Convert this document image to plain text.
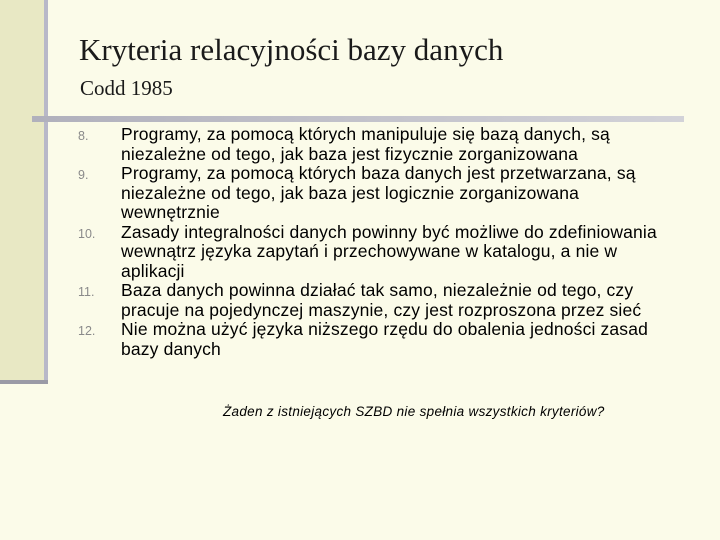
Kryteria relacyjności bazy danych
Codd 1985
8. Programy, za pomocą których manipuluje się bazą danych, są niezależne od tego, jak baza jest fizycznie zorganizowana
9. Programy, za pomocą których baza danych jest przetwarzana, są niezależne od tego, jak baza jest logicznie zorganizowana wewnętrznie
10. Zasady integralności danych powinny być możliwe do zdefiniowania wewnątrz języka zapytań i przechowywane w katalogu, a nie w aplikacji
11. Baza danych powinna działać tak samo, niezależnie od tego, czy pracuje na pojedynczej maszynie, czy jest rozproszona przez sieć
12. Nie można użyć języka niższego rzędu do obalenia jedności zasad bazy danych
Żaden z istniejących SZBD nie spełnia wszystkich kryteriów?
